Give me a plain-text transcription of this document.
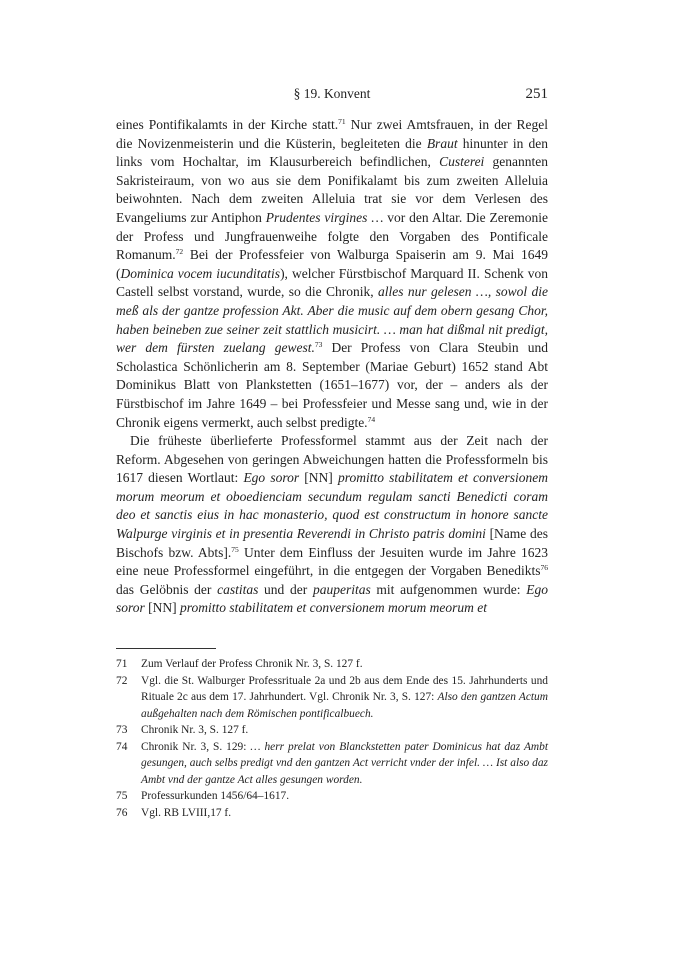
§ 19. Konvent	251

eines Pontifikalamts in der Kirche statt.$^{71}$ Nur zwei Amtsfrauen, in der Regel die Novizenmeisterin und die Küsterin, begleiteten die Braut hinunter in den links vom Hochaltar, im Klausurbereich befindlichen, Custerei genannten Sakristeiraum, von wo aus sie dem Ponifikalamt bis zum zweiten Alleluia beiwohnten. Nach dem zweiten Alleluia trat sie vor dem Verlesen des Evangeliums zur Antiphon Prudentes virgines … vor den Altar. Die Zeremonie der Profess und Jungfrauenweihe folgte den Vorgaben des Pontificale Romanum.$^{72}$ Bei der Professfeier von Walburga Spaiserin am 9. Mai 1649 (Dominica vocem iucunditatis), welcher Fürstbischof Marquard II. Schenk von Castell selbst vorstand, wurde, so die Chronik, alles nur gelesen …, sowol die meß als der gantze profession Akt. Aber die music auf dem obern gesang Chor, haben beineben zue seiner zeit stattlich musicirt. … man hat dißmal nit predigt, wer dem fürsten zuelang gewest.$^{73}$ Der Profess von Clara Steubin und Scholastica Schönlicherin am 8. September (Mariae Geburt) 1652 stand Abt Dominikus Blatt von Plankstetten (1651–1677) vor, der – anders als der Fürstbischof im Jahre 1649 – bei Professfeier und Messe sang und, wie in der Chronik eigens vermerkt, auch selbst predigte.$^{74}$

Die früheste überlieferte Professformel stammt aus der Zeit nach der Reform. Abgesehen von geringen Abweichungen hatten die Professformeln bis 1617 diesen Wortlaut: Ego soror [NN] promitto stabilitatem et conversionem morum meorum et oboedienciam secundum regulam sancti Benedicti coram deo et sanctis eius in hac monasterio, quod est constructum in honore sancte Walpurge virginis et in presentia Reverendi in Christo patris domini [Name des Bischofs bzw. Abts].$^{75}$ Unter dem Einfluss der Jesuiten wurde im Jahre 1623 eine neue Professformel eingeführt, in die entgegen der Vorgaben Benedikts$^{76}$ das Gelöbnis der castitas und der pauperitas mit aufgenommen wurde: Ego soror [NN] promitto stabilitatem et conversionem morum meorum et

71	Zum Verlauf der Profess Chronik Nr. 3, S. 127 f.
72	Vgl. die St. Walburger Professrituale 2a und 2b aus dem Ende des 15. Jahrhunderts und Rituale 2c aus dem 17. Jahrhundert. Vgl. Chronik Nr. 3, S. 127: Also den gantzen Actum außgehalten nach dem Römischen pontificalbuech.
73	Chronik Nr. 3, S. 127 f.
74	Chronik Nr. 3, S. 129: … herr prelat von Blanckstetten pater Dominicus hat daz Ambt gesungen, auch selbs predigt vnd den gantzen Act verricht vnder der infel. … Ist also daz Ambt vnd der gantze Act alles gesungen worden.
75	Professurkunden 1456/64–1617.
76	Vgl. RB LVIII,17 f.
